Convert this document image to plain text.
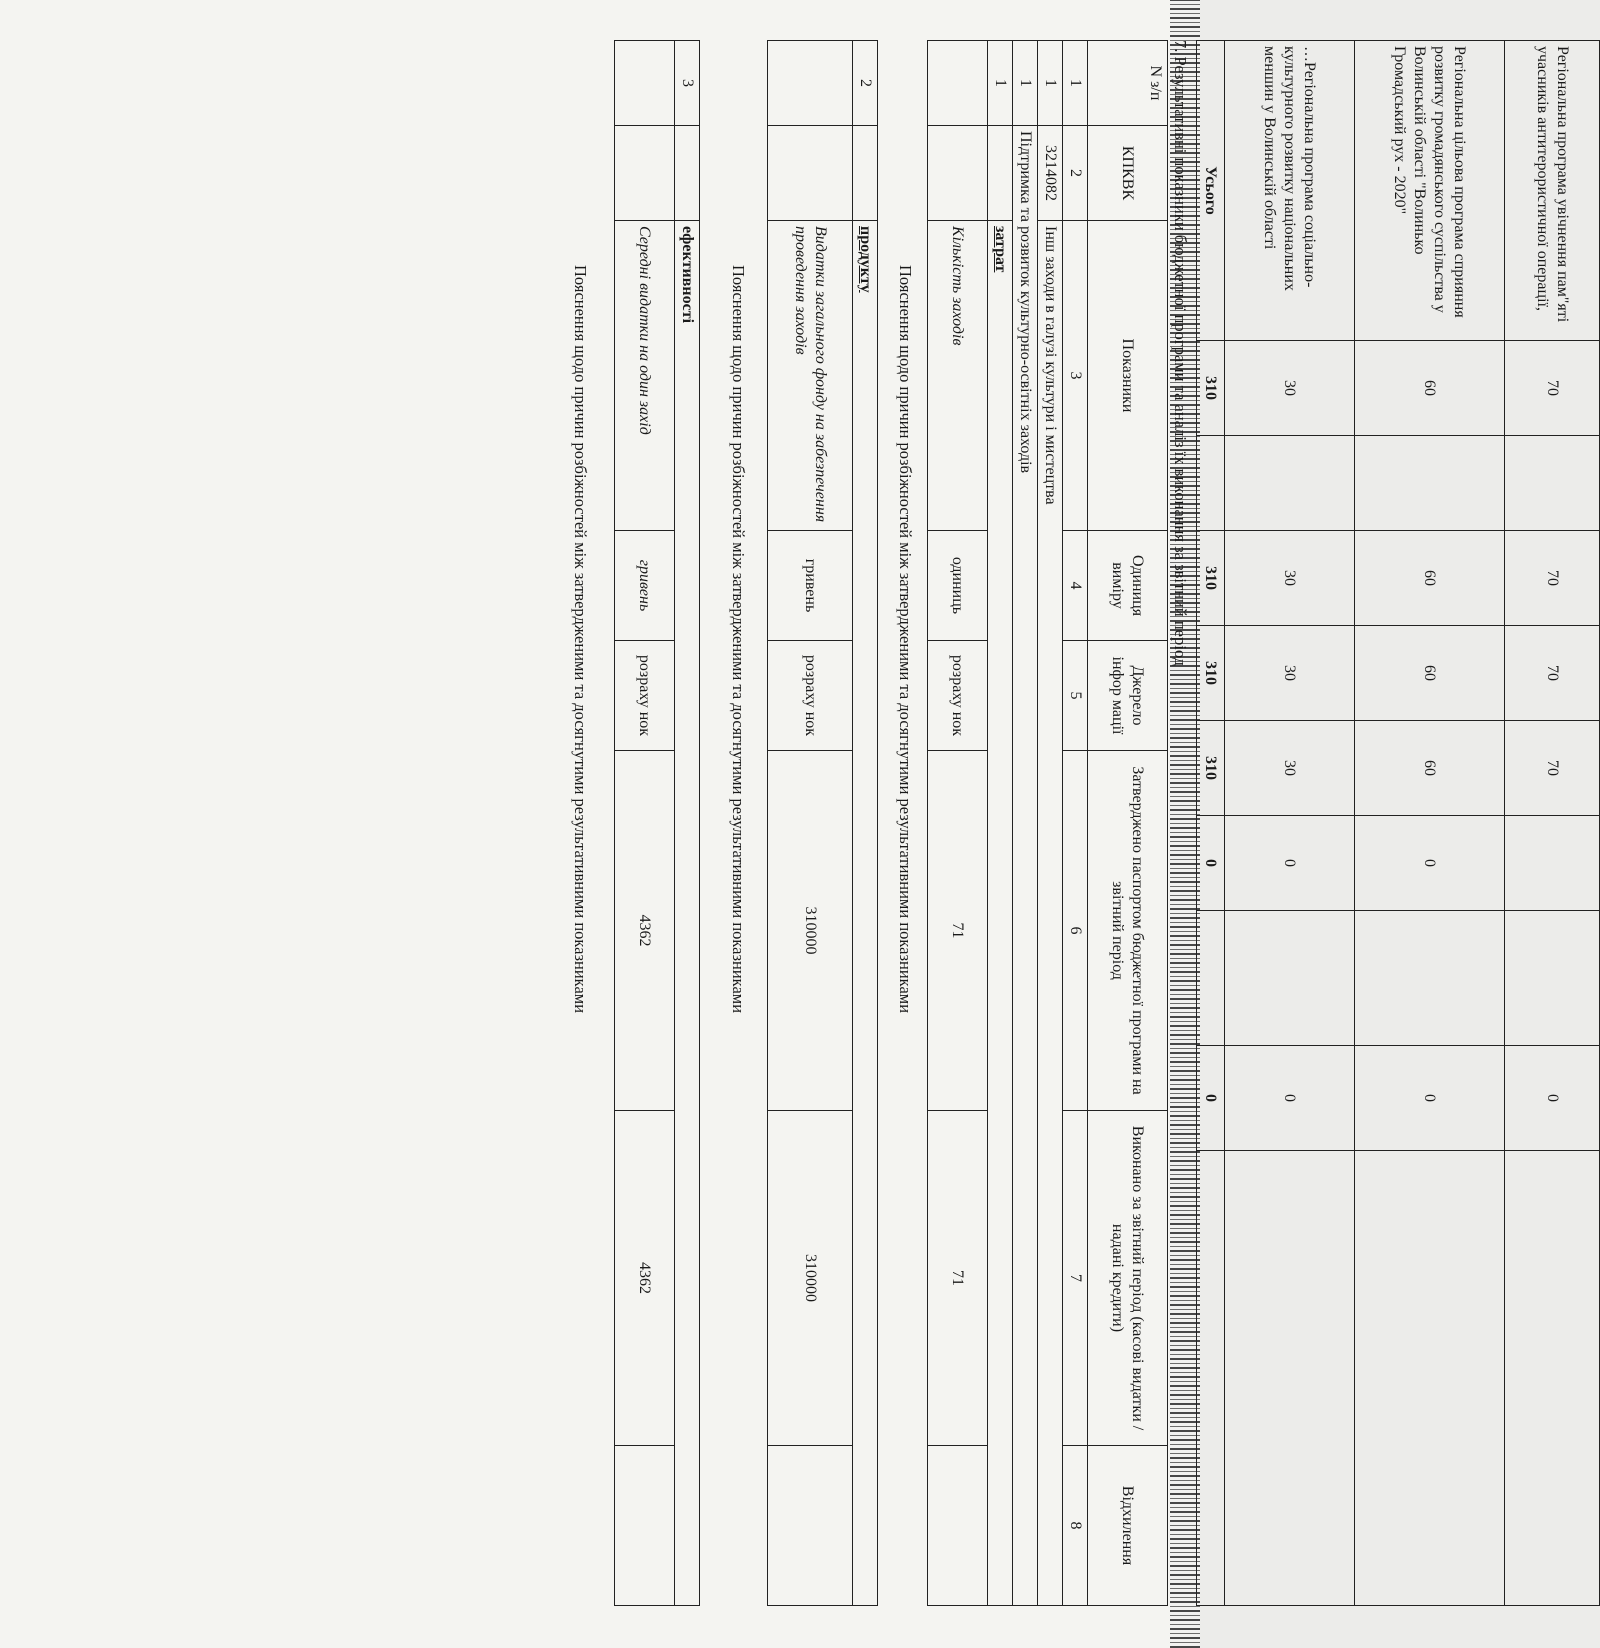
Регіональна програма увічнення пам"яті учасників антитерористичної операції,	70		70	70	70			0	
Регіональна цільова програма сприяння розвитку громадянського суспільства у Волинській області "Волинько Громадський рух - 2020"	60		60	60	60	0		0	
…Регіональна програма соціально-культурного розвитку національних меншин у Волинській області	30		30	30	30	0		0	
Усього	310		310	310	310	0		0	
7. Результативні показники бюджетної програми та аналіз їх виконання за звітний період
N з/п	КПКВК	Показники	Одиниця виміру	Джерело інфор мації	Затверджено паспортом бюджетної програми на звітний період	Виконано за звітний період (касові видатки / надані кредити)	Відхилення
1	2	3	4	5	6	7	8
1	3214082	Інш заходи в галузі культури і мистецтва					
1	Підтримка та розвиток культурно-освітніх заходів						
1		затрат					
		Кількість заходів	одиниць	розраху нок	71	71	
Пояснення щодо причин розбіжностей між затвердженими та досягнутими результативними показниками
2		продукту					
		Видатки загального фонду на забезпечення проведення заходів	гривень	розраху нок	310000	310000	
Пояснення щодо причин розбіжностей між затвердженими та досягнутими результативними показниками
3		ефективності					
		Середні видатки на один захід	гривень	розраху нок	4362	4362	
Пояснення щодо причин розбіжностей між затвердженими та досягнутими результативними показниками
